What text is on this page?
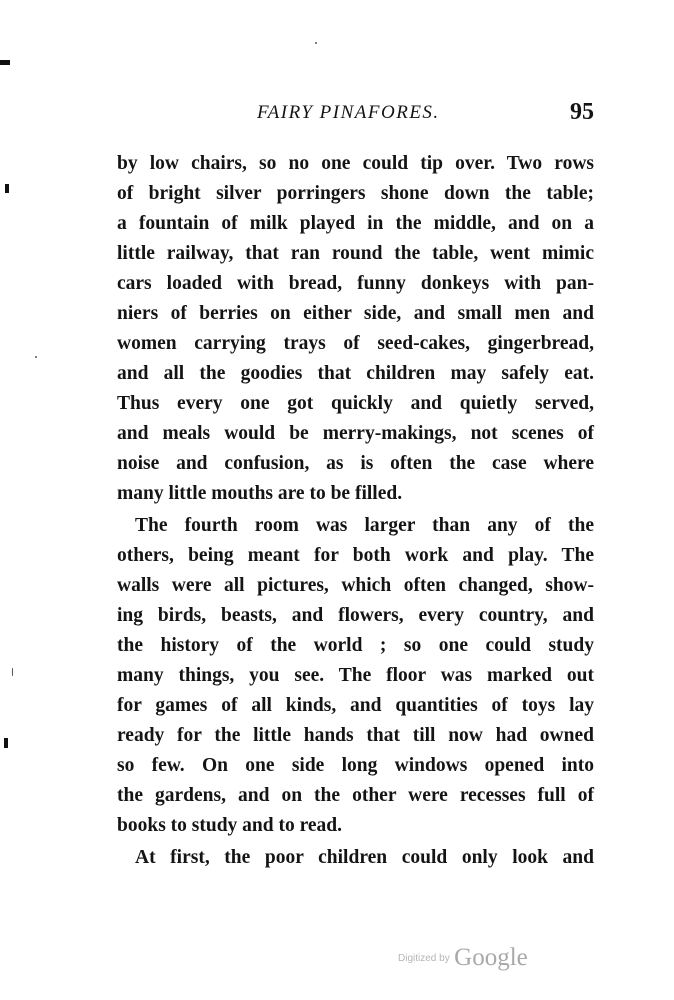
FAIRY PINAFORES.	95
by low chairs, so no one could tip over. Two rows
of bright silver porringers shone down the table;
a fountain of milk played in the middle, and on a
little railway, that ran round the table, went mimic
cars loaded with bread, funny donkeys with pan-
niers of berries on either side, and small men and
women carrying trays of seed-cakes, gingerbread,
and all the goodies that children may safely eat.
Thus every one got quickly and quietly served,
and meals would be merry-makings, not scenes of
noise and confusion, as is often the case where
many little mouths are to be filled.
The fourth room was larger than any of the
others, being meant for both work and play. The
walls were all pictures, which often changed, show-
ing birds, beasts, and flowers, every country, and
the history of the world ; so one could study
many things, you see. The floor was marked out
for games of all kinds, and quantities of toys lay
ready for the little hands that till now had owned
so few. On one side long windows opened into
the gardens, and on the other were recesses full of
books to study and to read.
At first, the poor children could only look and
$^{Digitized by}$ Google
